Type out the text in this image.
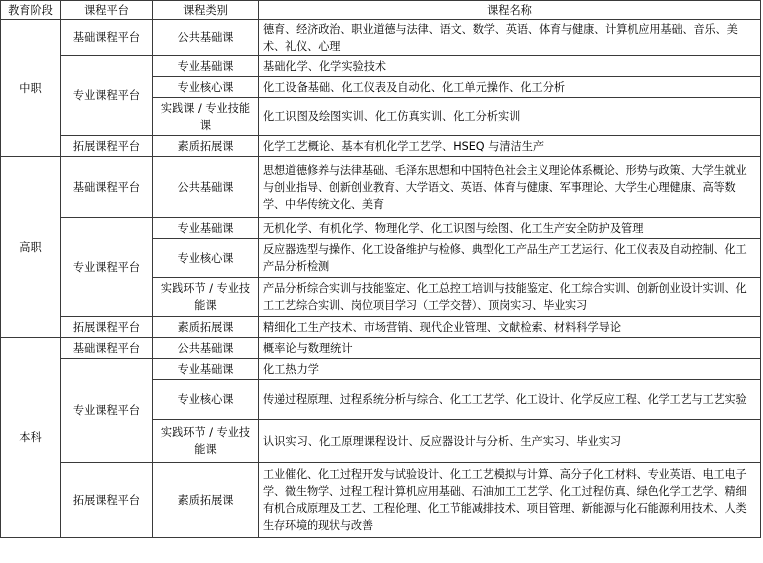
教育阶段	课程平台	课程类别	课程名称
中职	基础课程平台	公共基础课	德育、经济政治、职业道德与法律、语文、数学、英语、体育与健康、计算机应用基础、音乐、美术、礼仪、心理
	专业课程平台	专业基础课	基础化学、化学实验技术
		专业核心课	化工设备基础、化工仪表及自动化、化工单元操作、化工分析
		实践课 / 专业技能课	化工识图及绘图实训、化工仿真实训、化工分析实训

	拓展课程平台	素质拓展课	化学工艺概论、基本有机化学工艺学、HSEQ 与清洁生产
高职	基础课程平台	公共基础课	思想道德修养与法律基础、毛泽东思想和中国特色社会主义理论体系概论、形势与政策、大学生就业与创业指导、创新创业教育、大学语文、英语、体育与健康、军事理论、大学生心理健康、高等数学、中华传统文化、美育
	专业课程平台	专业基础课	无机化学、有机化学、物理化学、化工识图与绘图、化工生产安全防护及管理
		专业核心课	反应器选型与操作、化工设备维护与检修、典型化工产品生产工艺运行、化工仪表及自动控制、化工产品分析检测
		实践环节 / 专业技能课	产品分析综合实训与技能鉴定、化工总控工培训与技能鉴定、化工综合实训、创新创业设计实训、化工工艺综合实训、岗位项目学习（工学交替）、顶岗实习、毕业实习
	拓展课程平台	素质拓展课	精细化工生产技术、市场营销、现代企业管理、文献检索、材料科学导论
本科	基础课程平台	公共基础课	概率论与数理统计
	专业课程平台	专业基础课	化工热力学
		专业核心课	传递过程原理、过程系统分析与综合、化工工艺学、化工设计、化学反应工程、化学工艺与工艺实验
		实践环节 / 专业技能课	认识实习、化工原理课程设计、反应器设计与分析、生产实习、毕业实习
	拓展课程平台	素质拓展课	工业催化、化工过程开发与试验设计、化工工艺模拟与计算、高分子化工材料、专业英语、电工电子学、微生物学、过程工程计算机应用基础、石油加工工艺学、化工过程仿真、绿色化学工艺学、精细有机合成原理及工艺、工程伦理、化工节能减排技术、项目管理、新能源与化石能源利用技术、人类生存环境的现状与改善
